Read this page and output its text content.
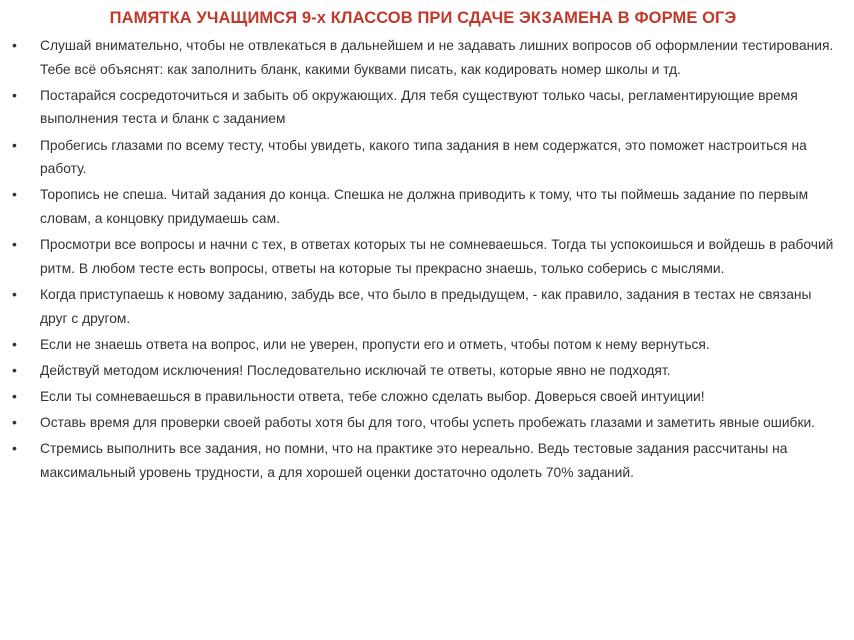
ПАМЯТКА УЧАЩИМСЯ 9-х КЛАССОВ ПРИ СДАЧЕ ЭКЗАМЕНА В ФОРМЕ ОГЭ
•	Слушай внимательно, чтобы не отвлекаться в дальнейшем и не задавать лишних вопросов об оформлении тестирования. Тебе всё объяснят: как заполнить бланк, какими буквами писать, как кодировать номер школы и тд.
•	Постарайся сосредоточиться и забыть об окружающих. Для тебя существуют только часы, регламентирующие время выполнения теста и бланк с заданием
•	Пробегись глазами по всему тесту, чтобы увидеть, какого типа задания в нем содержатся, это поможет настроиться на работу.
•	Торопись не спеша. Читай задания до конца. Спешка не должна приводить к тому, что ты поймешь задание по первым словам, а концовку придумаешь сам.
•	Просмотри все вопросы и начни с тех, в ответах которых ты не сомневаешься. Тогда ты успокоишься и войдешь в рабочий ритм. В любом тесте есть вопросы, ответы на которые ты прекрасно знаешь, только соберись с мыслями.
•	Когда приступаешь к новому заданию, забудь все, что было в предыдущем, - как правило, задания в тестах не связаны друг с другом.
•	Если не знаешь ответа на вопрос, или не уверен, пропусти его и отметь, чтобы потом к нему вернуться.
•	Действуй методом исключения! Последовательно исключай те ответы, которые явно не подходят.
•	Если ты сомневаешься в правильности ответа, тебе сложно сделать выбор. Доверься своей интуиции!
•	Оставь время для проверки своей работы хотя бы для того, чтобы успеть пробежать глазами и заметить явные ошибки.
•	Стремись выполнить все задания, но помни, что на практике это нереально. Ведь тестовые задания рассчитаны на максимальный уровень трудности, а для хорошей оценки достаточно одолеть 70% заданий.
